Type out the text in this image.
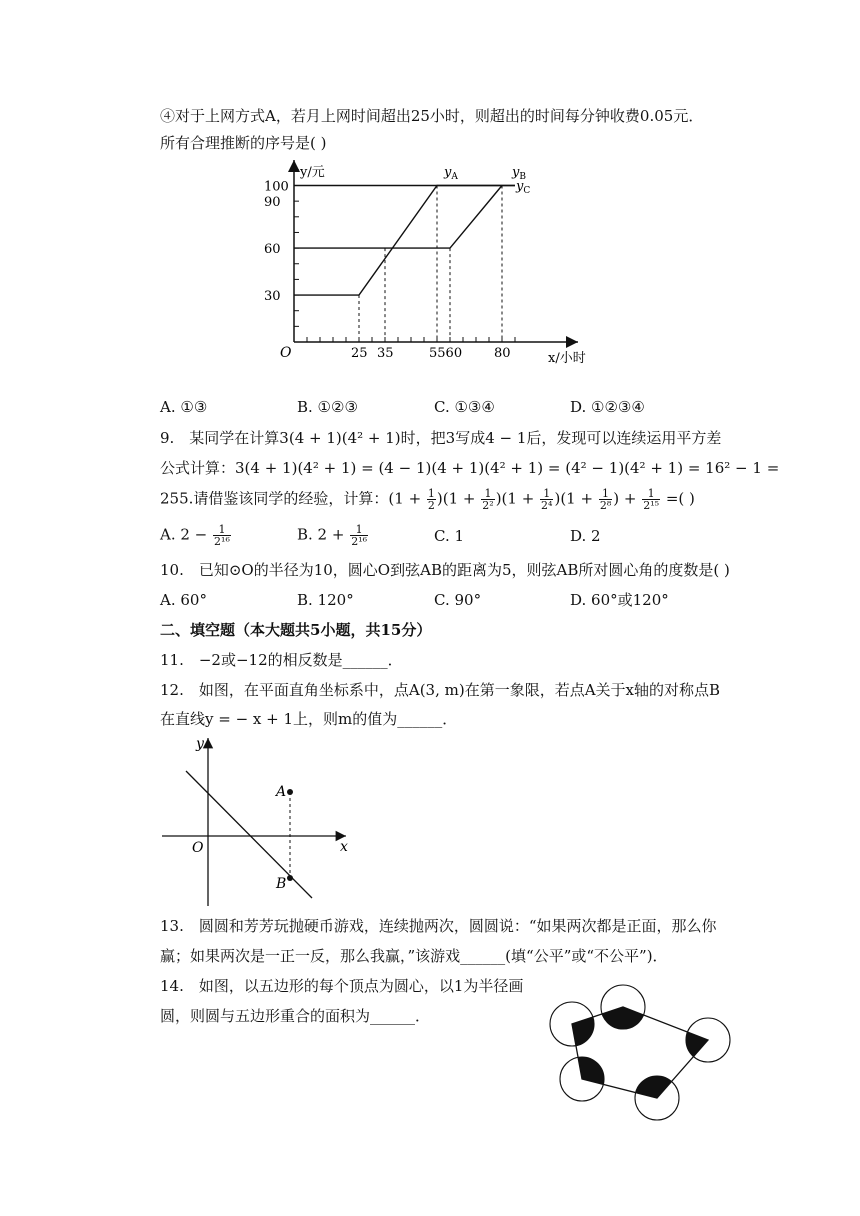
④对于上网方式A，若月上网时间超出25小时，则超出的时间每分钟收费0.05元．
所有合理推断的序号是( )
100
90
60
30
25 35	5560 80
$y_A$	$y_B$
$y_C$
O
y/元
x/小时
A. ①③	B. ①②③	C. ①③④	D. ①②③④
9.　某同学在计算3(4 + 1)(4² + 1)时，把3写成4 − 1后，发现可以连续运用平方差
公式计算：3(4 + 1)(4² + 1) = (4 − 1)(4 + 1)(4² + 1) = (4² − 1)(4² + 1) = 16² − 1 =
255.请借鉴该同学的经验，计算：$(1 + \frac{1}{2} )(1 + \frac{1}{\text{2²}} )(1 + \frac{1}{\text{2⁴}} )(1 + \frac{1}{\text{2⁸}}$ ) + $\frac{1}{\text{2¹⁵}}$ =( )
A. $2 - \frac{1}{\text{2¹⁶}}$	B. $2 + \frac{1}{\text{2¹⁶}}$	C. 1	D. 2
10.　已知⊙O的半径为10，圆心O到弦AB的距离为5，则弦AB所对圆心角的度数是( )
A. 60°	B. 120°	C. 90°	D. 60°或120°
二、填空题（本大题共5小题，共15分）
11.　−2或−12的相反数是______．
12.　如图，在平面直角坐标系中，点A(3, m)在第一象限，若点A关于x轴的对称点B
在直线y = − x + 1上，则m的值为______．
y
x
O
A
B
13.　圆圆和芳芳玩抛硬币游戏，连续抛两次，圆圆说：“如果两次都是正面，那么你
赢；如果两次是一正一反，那么我赢，”该游戏______(填“公平”或“不公平”)．
14.　如图，以五边形的每个顶点为圆心，以1为半径画
圆，则圆与五边形重合的面积为______．
